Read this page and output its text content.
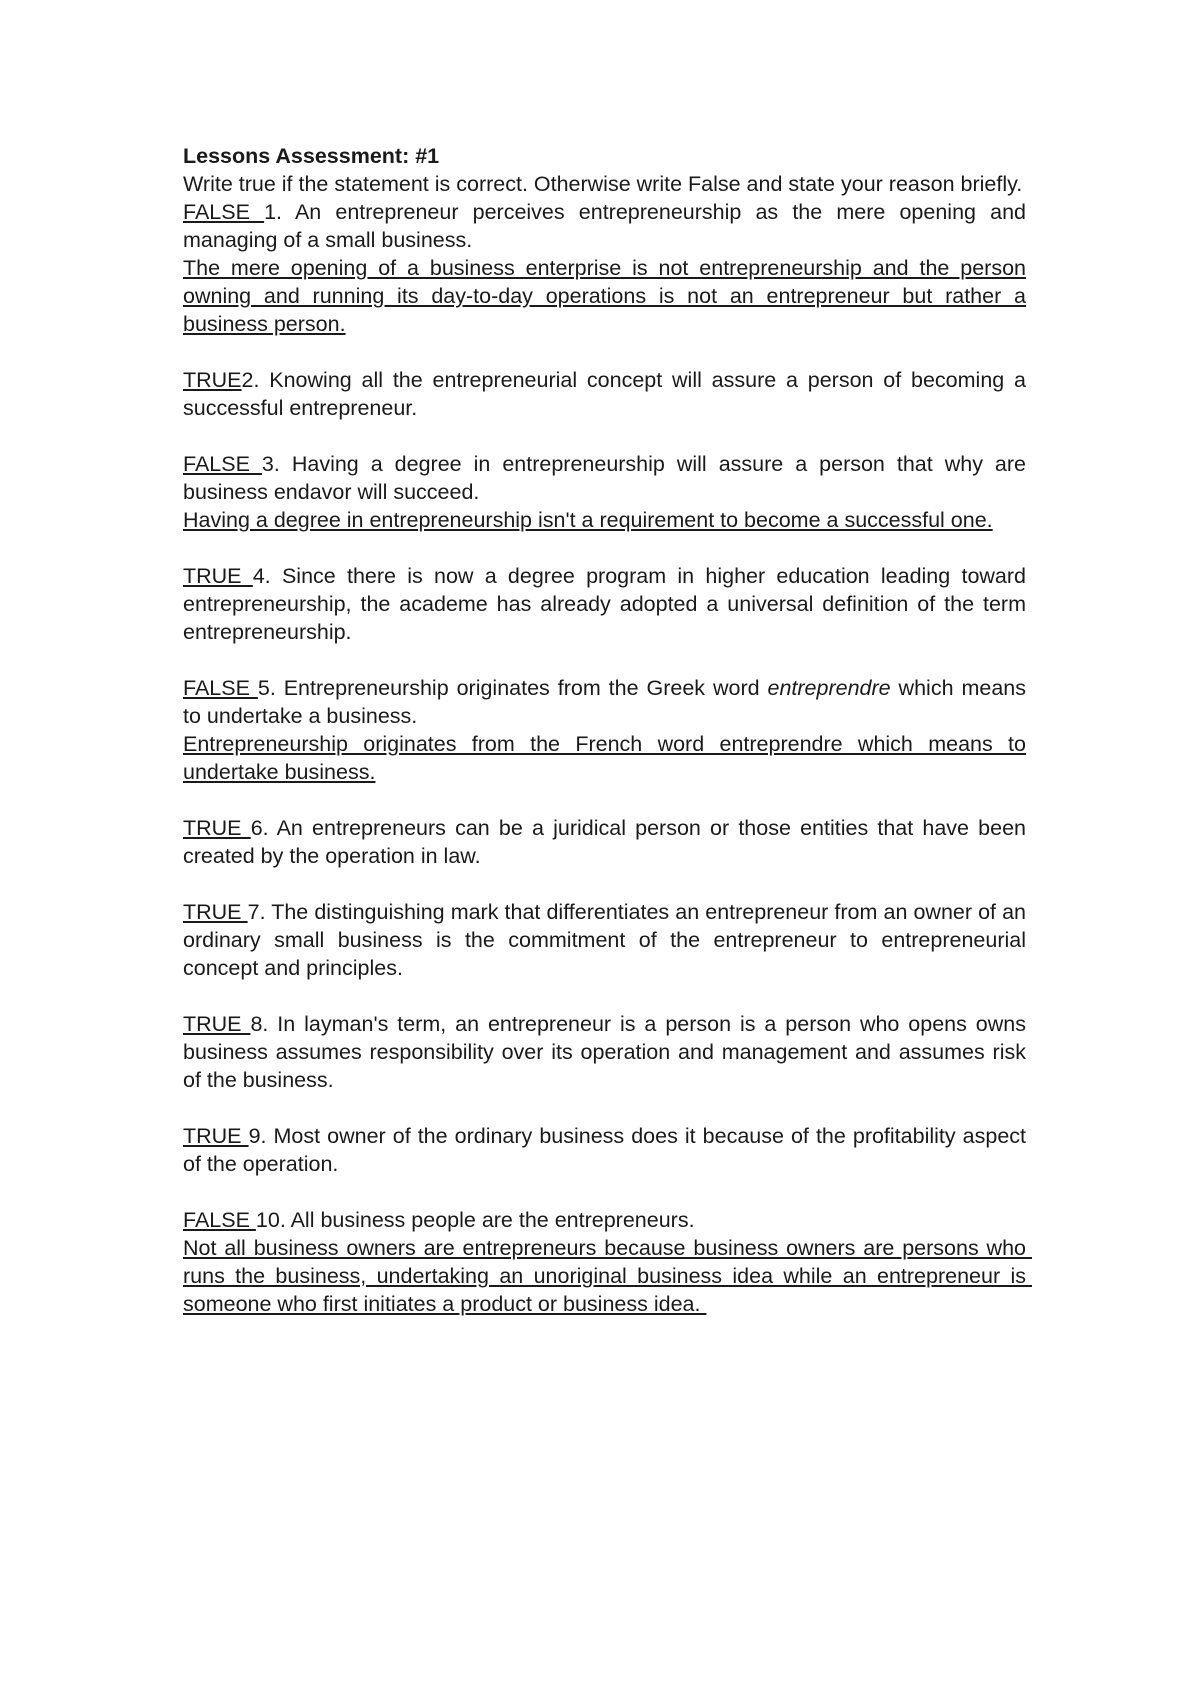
Lessons Assessment: #1

Write true if the statement is correct. Otherwise write False and state your reason briefly.

FALSE 1. An entrepreneur perceives entrepreneurship as the mere opening and managing of a small business.

The mere opening of a business enterprise is not entrepreneurship and the person owning and running its day-to-day operations is not an entrepreneur but rather a business person.

TRUE2. Knowing all the entrepreneurial concept will assure a person of becoming a successful entrepreneur.

FALSE 3. Having a degree in entrepreneurship will assure a person that why are business endavor will succeed.

Having a degree in entrepreneurship isn't a requirement to become a successful one.

TRUE 4. Since there is now a degree program in higher education leading toward entrepreneurship, the academe has already adopted a universal definition of the term entrepreneurship.

FALSE 5. Entrepreneurship originates from the Greek word entreprendre which means to undertake a business.

Entrepreneurship originates from the French word entreprendre which means to undertake business.

TRUE 6. An entrepreneurs can be a juridical person or those entities that have been created by the operation in law.

TRUE 7. The distinguishing mark that differentiates an entrepreneur from an owner of an ordinary small business is the commitment of the entrepreneur to entrepreneurial concept and principles.

TRUE 8. In layman's term, an entrepreneur is a person is a person who opens owns business assumes responsibility over its operation and management and assumes risk of the business.

TRUE 9. Most owner of the ordinary business does it because of the profitability aspect of the operation.

FALSE 10. All business people are the entrepreneurs.

Not all business owners are entrepreneurs because business owners are persons who runs the business, undertaking an unoriginal business idea while an entrepreneur is someone who first initiates a product or business idea.
